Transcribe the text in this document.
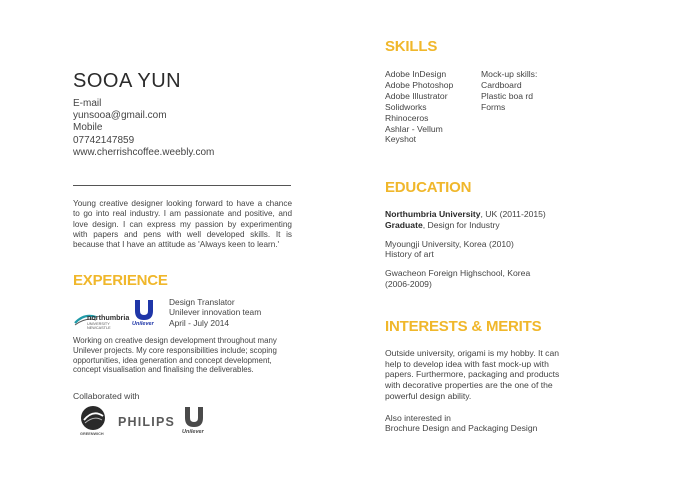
SOOA YUN
E-mail
yunsooa@gmail.com
Mobile
07742147859
www.cherrishcoffee.weebly.com
Young creative designer looking forward to have a chance to go into real industry. I am passionate and positive, and love design. I can express my passion by experimenting with papers and pens with well developed skills. It is because that I have an attitude as 'Always keen to learn.'
EXPERIENCE
northumbria
UNIVERSITY NEWCASTLE
Unilever
Design Translator
Unilever innovation team
April - July 2014
Working on creative design development throughout many Unilever projects. My core responsibilities include; scoping opportunities, idea generation and concept development, concept visualisation and finalising the deliverables.
Collaborated with
GREENWICH
PHILIPS
Unilever
SKILLS
Adobe InDesign
Adobe Photoshop
Adobe Illustrator
Solidworks
Rhinoceros
Ashlar - Vellum
Keyshot
Mock-up skills:
Cardboard
Plastic boa rd
Forms
EDUCATION
Northumbria University, UK (2011-2015)
Graduate, Design for Industry
Myoungji University, Korea (2010)
History of art
Gwacheon Foreign Highschool, Korea
(2006-2009)
INTERESTS & MERITS

Outside university, origami is my hobby. It can help to develop idea with fast mock-up with papers. Furthermore, packaging and products with decorative properties are the one of the powerful design ability.

Also interested in
Brochure Design and Packaging Design
